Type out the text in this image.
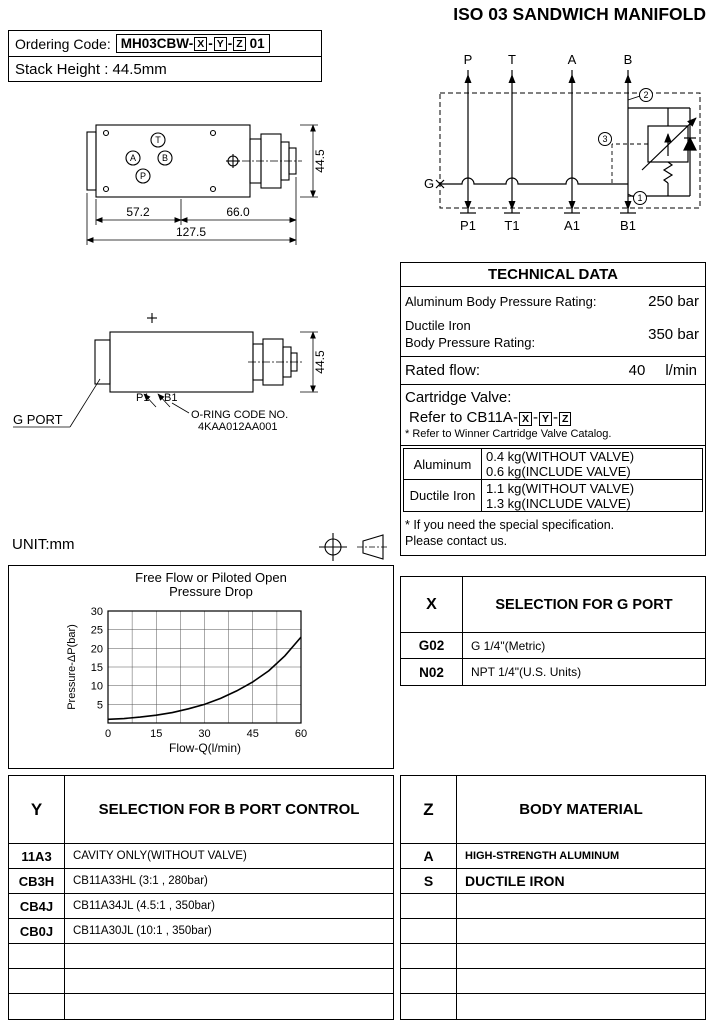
ISO 03 SANDWICH MANIFOLD
Ordering Code: MH03CBW- X - Y - Z 01
Stack Height : 44.5mm
57.2	66.0
127.5
44.5
T
A	B
P
P1 B1
O-RING CODE NO.
4KAA012AA001
G PORT
44.5
UNIT:mm
2
1
3
P	T	A	B
P1 T1	A1	B1
G
TECHNICAL DATA
Aluminum Body Pressure Rating:	250 bar
Ductile Iron
Body Pressure Rating:	350 bar
Rated flow:	40 l/min
Cartridge Valve:
Refer to CB11A- X - Y - Z
* Refer to Winner Cartridge Valve Catalog.
Aluminum	0.4 kg(WITHOUT VALVE)
0.6 kg(INCLUDE VALVE)
Ductile Iron 1.1 kg(WITHOUT VALVE)
1.3 kg(INCLUDE VALVE)
* If you need the special specification.
Please contact us.
Free Flow or Piloted Open
Pressure Drop
Pressure-ΔP(bar)
Flow-Q(l/min)
0	15	30	45	60
5
10
15
20
25
30	X	SELECTION FOR G PORT
G02	G 1/4"(Metric)
N02	NPT 1/4"(U.S. Units)
Y	SELECTION FOR B PORT CONTROL
11A3	CAVITY ONLY(WITHOUT VALVE)
CB3H	CB11A33HL (3:1 , 280bar)
CB4J	CB11A34JL (4.5:1 , 350bar)
CB0J	CB11A30JL (10:1 , 350bar)
Z	BODY MATERIAL
A	HIGH-STRENGTH ALUMINUM
S	DUCTILE IRON
